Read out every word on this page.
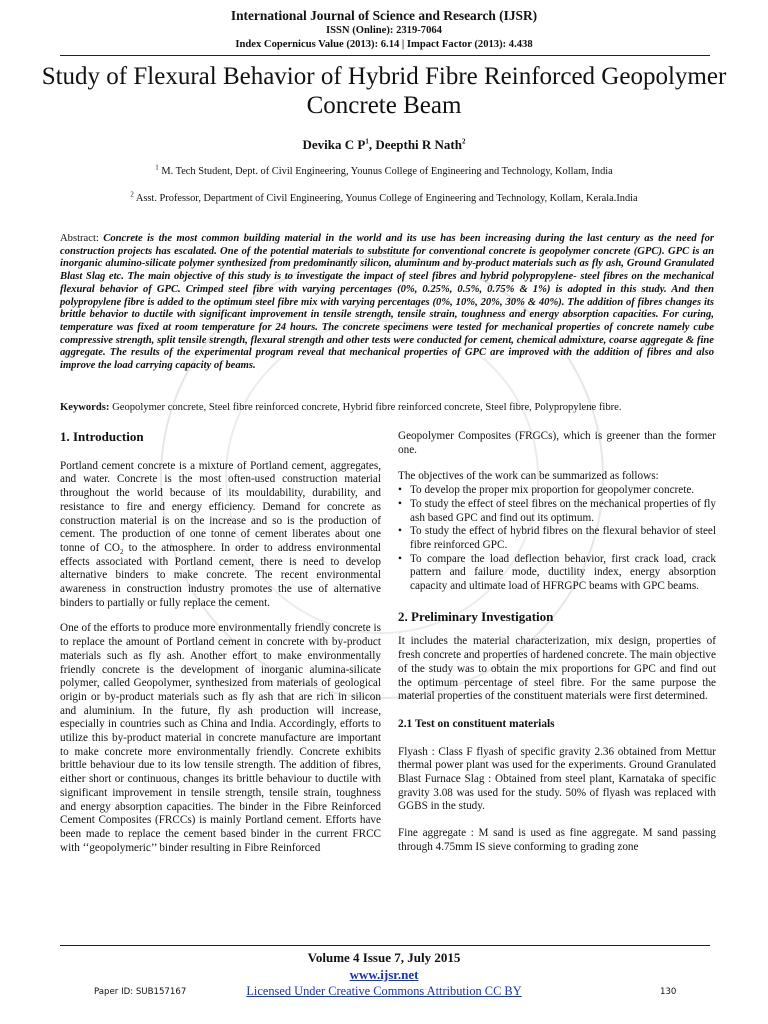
International Journal of Science and Research (IJSR)
ISSN (Online): 2319-7064
Index Copernicus Value (2013): 6.14 | Impact Factor (2013): 4.438
Study of Flexural Behavior of Hybrid Fibre Reinforced Geopolymer Concrete Beam
Devika C $P^1$, Deepthi R Nath$^2$
$^1$ M. Tech Student, Dept. of Civil Engineering, Younus College of Engineering and Technology, Kollam, India
$^2$ Asst. Professor, Department of Civil Engineering, Younus College of Engineering and Technology, Kollam, Kerala.India
Abstract: Concrete is the most common building material in the world and its use has been increasing during the last century as the need for construction projects has escalated. One of the potential materials to substitute for conventional concrete is geopolymer concrete (GPC). GPC is an inorganic alumino-silicate polymer synthesized from predominantly silicon, aluminum and by-product materials such as fly ash, Ground Granulated Blast Slag etc. The main objective of this study is to investigate the impact of steel fibres and hybrid polypropylene- steel fibres on the mechanical flexural behavior of GPC. Crimped steel fibre with varying percentages (0%, 0.25%, 0.5%, 0.75% & 1%) is adopted in this study. And then polypropylene fibre is added to the optimum steel fibre mix with varying percentages (0%, 10%, 20%, 30% & 40%). The addition of fibres changes its brittle behavior to ductile with significant improvement in tensile strength, tensile strain, toughness and energy absorption capacities. For curing, temperature was fixed at room temperature for 24 hours. The concrete specimens were tested for mechanical properties of concrete namely cube compressive strength, split tensile strength, flexural strength and other tests were conducted for cement, chemical admixture, coarse aggregate & fine aggregate. The results of the experimental program reveal that mechanical properties of GPC are improved with the addition of fibres and also improve the load carrying capacity of beams.
Keywords: Geopolymer concrete, Steel fibre reinforced concrete, Hybrid fibre reinforced concrete, Steel fibre, Polypropylene fibre.
1. Introduction
Portland cement concrete is a mixture of Portland cement, aggregates, and water. Concrete is the most often-used construction material throughout the world because of its mouldability, durability, and resistance to fire and energy efficiency. Demand for concrete as construction material is on the increase and so is the production of cement. The production of one tonne of cement liberates about one tonne of $CO_2$ to the atmosphere. In order to address environmental effects associated with Portland cement, there is need to develop alternative binders to make concrete. The recent environmental awareness in construction industry promotes the use of alternative binders to partially or fully replace the cement.
One of the efforts to produce more environmentally friendly concrete is to replace the amount of Portland cement in concrete with by-product materials such as fly ash. Another effort to make environmentally friendly concrete is the development of inorganic alumina-silicate polymer, called Geopolymer, synthesized from materials of geological origin or by-product materials such as fly ash that are rich in silicon and aluminium. In the future, fly ash production will increase, especially in countries such as China and India. Accordingly, efforts to utilize this by-product material in concrete manufacture are important to make concrete more environmentally friendly. Concrete exhibits brittle behaviour due to its low tensile strength. The addition of fibres, either short or continuous, changes its brittle behaviour to ductile with significant improvement in tensile strength, tensile strain, toughness and energy absorption capacities. The binder in the Fibre Reinforced Cement Composites (FRCCs) is mainly Portland cement. Efforts have been made to replace the cement based binder in the current FRCC with ‘‘geopolymeric’’ binder resulting in Fibre Reinforced
Geopolymer Composites (FRGCs), which is greener than the former one.
The objectives of the work can be summarized as follows:
• To develop the proper mix proportion for geopolymer concrete.
• To study the effect of steel fibres on the mechanical properties of fly ash based GPC and find out its optimum.
• To study the effect of hybrid fibres on the flexural behavior of steel fibre reinforced GPC.
• To compare the load deflection behavior, first crack load, crack pattern and failure mode, ductility index, energy absorption capacity and ultimate load of HFRGPC beams with GPC beams.
2. Preliminary Investigation
It includes the material characterization, mix design, properties of fresh concrete and properties of hardened concrete. The main objective of the study was to obtain the mix proportions for GPC and find out the optimum percentage of steel fibre. For the same purpose the material properties of the constituent materials were first determined.
2.1 Test on constituent materials
Flyash : Class F flyash of specific gravity 2.36 obtained from Mettur thermal power plant was used for the experiments. Ground Granulated Blast Furnace Slag : Obtained from steel plant, Karnataka of specific gravity 3.08 was used for the study. 50% of flyash was replaced with GGBS in the study.
Fine aggregate : M sand is used as fine aggregate. M sand passing through 4.75mm IS sieve conforming to grading zone
Volume 4 Issue 7, July 2015
www.ijsr.net
Licensed Under Creative Commons Attribution CC BY
Paper ID: SUB157167	130
